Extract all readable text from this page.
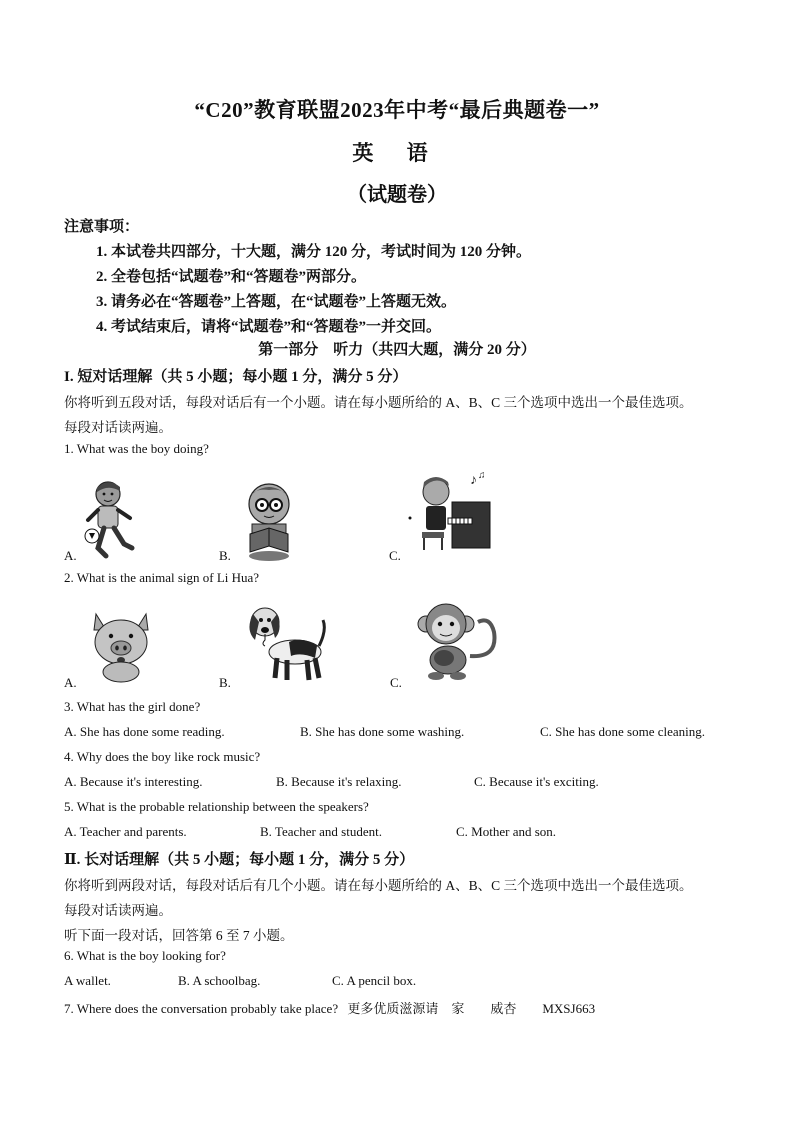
“C20”教育联盟2023年中考“最后典题卷一”
英 语
（试题卷）
注意事项：
1. 本试卷共四部分，十大题，满分 120 分，考试时间为 120 分钟。
2. 全卷包括“试题卷”和“答题卷”两部分。
3. 请务必在“答题卷”上答题，在“试题卷”上答题无效。
4. 考试结束后，请将“试题卷”和“答题卷”一并交回。
第一部分　听力（共四大题，满分 20 分）
I. 短对话理解（共 5 小题；每小题 1 分，满分 5 分）
你将听到五段对话，每段对话后有一个小题。请在每小题所给的 A、B、C 三个选项中选出一个最佳选项。
每段对话读两遍。
1. What was the boy doing?
A.	B.	C.
♪ ♫
2. What is the animal sign of Li Hua?
A.	B.	C.
3. What has the girl done?
A. She has done some reading.	B. She has done some washing.	C. She has done some cleaning.
4. Why does the boy like rock music?
A. Because it's interesting.	B. Because it's relaxing.	C. Because it's exciting.
5. What is the probable relationship between the speakers?
A. Teacher and parents.	B. Teacher and student.	C. Mother and son.
Ⅱ. 长对话理解（共 5 小题；每小题 1 分，满分 5 分）
你将听到两段对话，每段对话后有几个小题。请在每小题所给的 A、B、C 三个选项中选出一个最佳选项。
每段对话读两遍。
听下面一段对话，回答第 6 至 7 小题。
6. What is the boy looking for?
A wallet.	B. A schoolbag.	C. A pencil box.
7. Where does the conversation probably take place? 更多优质滋源请　家　　威杏　　MXSJ663
